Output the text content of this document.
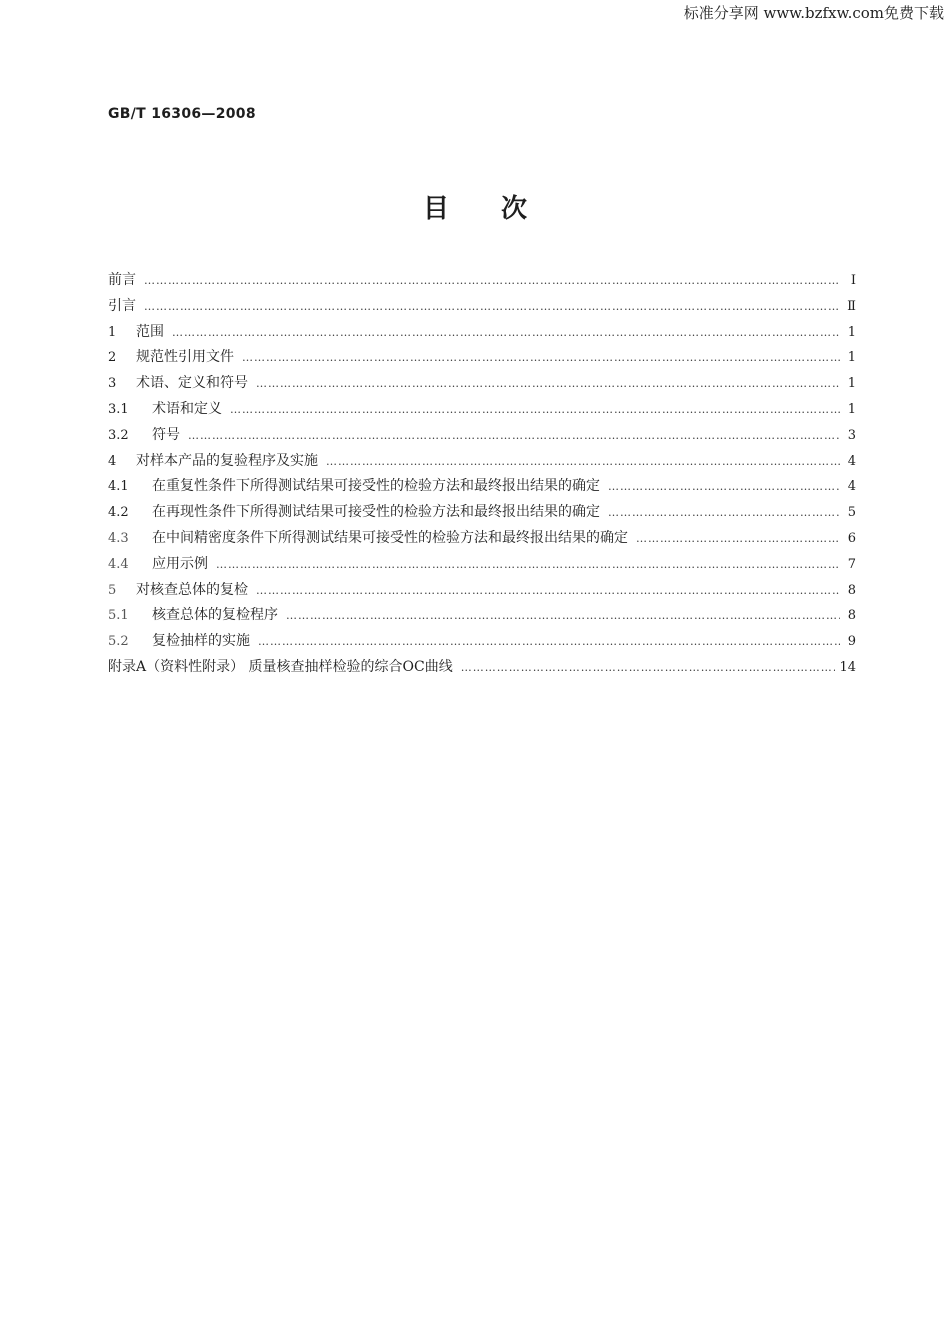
标准分享网 www.bzfxw.com免费下载
GB/T 16306—2008
目次
前言 …………………………………………………………………………………………………………………………………………………………	Ⅰ
引言 …………………………………………………………………………………………………………………………………………………………	Ⅱ
1	范围 …………………………………………………………………………………………………………………………………………………………	1
2	规范性引用文件 …………………………………………………………………………………………………………………………………………………………	1
3	术语、定义和符号 …………………………………………………………………………………………………………………………………………………………	1
3.1	术语和定义 …………………………………………………………………………………………………………………………………………………………	1
3.2	符号 …………………………………………………………………………………………………………………………………………………………	3
4	对样本产品的复验程序及实施 …………………………………………………………………………………………………………………………………………………………	4
4.1	在重复性条件下所得测试结果可接受性的检验方法和最终报出结果的确定 …………………………………………………………………………………………………………………………………………………………	4
4.2	在再现性条件下所得测试结果可接受性的检验方法和最终报出结果的确定 …………………………………………………………………………………………………………………………………………………………	5
4.3	在中间精密度条件下所得测试结果可接受性的检验方法和最终报出结果的确定 …………………………………………………………………………………………………………………………………………………………	6
4.4	应用示例 …………………………………………………………………………………………………………………………………………………………	7
5	对核查总体的复检 …………………………………………………………………………………………………………………………………………………………	8
5.1	核查总体的复检程序 …………………………………………………………………………………………………………………………………………………………	8
5.2	复检抽样的实施 …………………………………………………………………………………………………………………………………………………………	9
附录A（资料性附录） 质量核查抽样检验的综合OC曲线 …………………………………………………………………………………………………………………………………………………………	14
